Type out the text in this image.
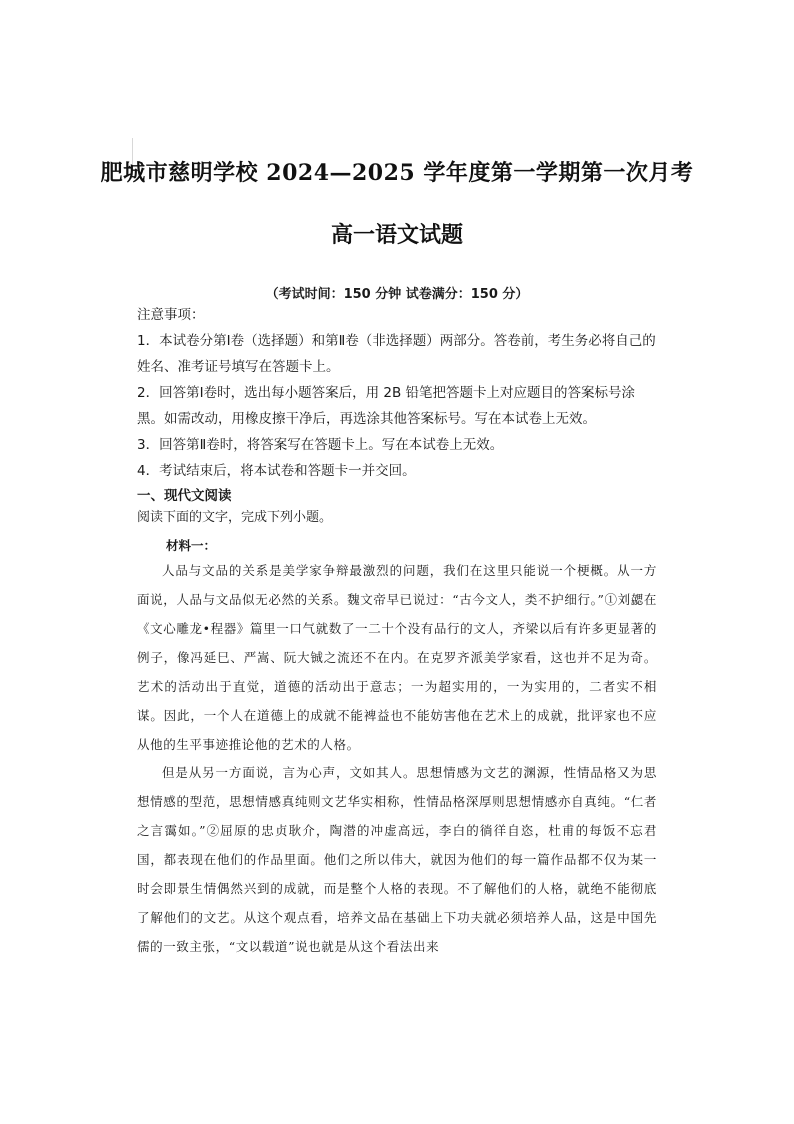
肥城市慈明学校 2024—2025 学年度第一学期第一次月考
高一语文试题
（考试时间：150 分钟 试卷满分：150 分）

注意事项：

1．本试卷分第Ⅰ卷（选择题）和第Ⅱ卷（非选择题）两部分。答卷前，考生务必将自己的姓名、准考证号填写在答题卡上。

2．回答第Ⅰ卷时，选出每小题答案后，用 2B 铅笔把答题卡上对应题目的答案标号涂黑。如需改动，用橡皮擦干净后，再选涂其他答案标号。写在本试卷上无效。

3．回答第Ⅱ卷时，将答案写在答题卡上。写在本试卷上无效。

4．考试结束后，将本试卷和答题卡一并交回。

一、现代文阅读
阅读下面的文字，完成下列小题。
材料一：

人品与文品的关系是美学家争辩最激烈的问题，我们在这里只能说一个梗概。从一方面说，人品与文品似无必然的关系。魏文帝早已说过：“古今文人，类不护细行。”①刘勰在《文心雕龙•程器》篇里一口气就数了一二十个没有品行的文人，齐梁以后有许多更显著的例子，像冯延巳、严嵩、阮大铖之流还不在内。在克罗齐派美学家看，这也并不足为奇。艺术的活动出于直觉，道德的活动出于意志；一为超实用的，一为实用的，二者实不相谋。因此，一个人在道德上的成就不能裨益也不能妨害他在艺术上的成就，批评家也不应从他的生平事迹推论他的艺术的人格。

但是从另一方面说，言为心声，文如其人。思想情感为文艺的渊源，性情品格又为思想情感的型范，思想情感真纯则文艺华实相称，性情品格深厚则思想情感亦自真纯。“仁者之言霭如。”②屈原的忠贞耿介，陶潜的冲虚高远，李白的徜徉自恣，杜甫的每饭不忘君国，都表现在他们的作品里面。他们之所以伟大，就因为他们的每一篇作品都不仅为某一时会即景生情偶然兴到的成就，而是整个人格的表现。不了解他们的人格，就绝不能彻底了解他们的文艺。从这个观点看，培养文品在基础上下功夫就必须培养人品，这是中国先儒的一致主张，“文以载道”说也就是从这个看法出来
